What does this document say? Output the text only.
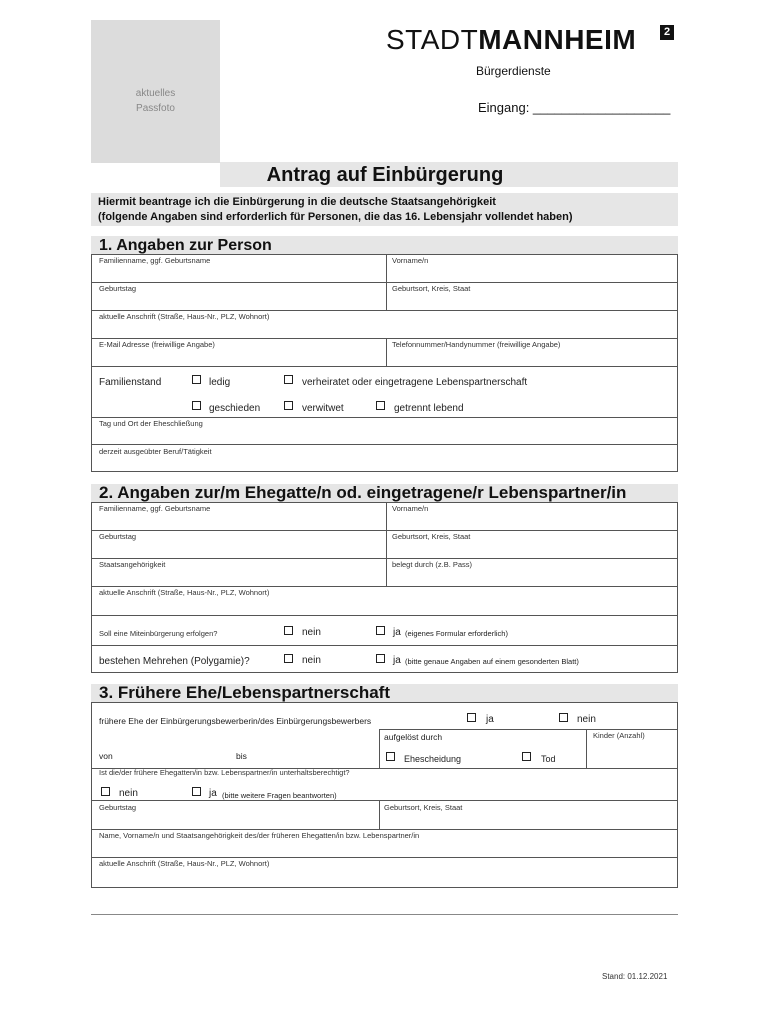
aktuelles
Passfoto
STADTMANNHEIM	2
Bürgerdienste
Eingang: ___________________
Antrag auf Einbürgerung
Hiermit beantrage ich die Einbürgerung in die deutsche Staatsangehörigkeit
(folgende Angaben sind erforderlich für Personen, die das 16. Lebensjahr vollendet haben)
1. Angaben zur Person
Familienname, ggf. Geburtsname	Vorname/n
Geburtstag	Geburtsort, Kreis, Staat
aktuelle Anschrift (Straße, Haus-Nr., PLZ, Wohnort)
E-Mail Adresse (freiwillige Angabe)	Telefonnummer/Handynummer (freiwillige Angabe)
Familienstand	ledig	verheiratet oder eingetragene Lebenspartnerschaft
geschieden	verwitwet	getrennt lebend
Tag und Ort der Eheschließung
derzeit ausgeübter Beruf/Tätigkeit
2. Angaben zur/m Ehegatte/n od. eingetragene/r Lebenspartner/in
Familienname, ggf. Geburtsname	Vorname/n
Geburtstag	Geburtsort, Kreis, Staat
Staatsangehörigkeit	belegt durch (z.B. Pass)
aktuelle Anschrift (Straße, Haus-Nr., PLZ, Wohnort)
Soll eine Miteinbürgerung erfolgen?	nein	ja (eigenes Formular erforderlich)
bestehen Mehrehen (Polygamie)?	nein	ja (bitte genaue Angaben auf einem gesonderten Blatt)
3. Frühere Ehe/Lebenspartnerschaft
frühere Ehe der Einbürgerungsbewerberin/des Einbürgerungsbewerbers	ja	nein
aufgelöst durch	Kinder (Anzahl)
von	bis	Ehescheidung	Tod
Ist die/der frühere Ehegatten/in bzw. Lebenspartner/in unterhaltsberechtigt?
nein	ja (bitte weitere Fragen beantworten)
Geburtstag	Geburtsort, Kreis, Staat
Name, Vorname/n und Staatsangehörigkeit des/der früheren Ehegatten/in bzw. Lebenspartner/in
aktuelle Anschrift (Straße, Haus-Nr., PLZ, Wohnort)
Stand: 01.12.2021
